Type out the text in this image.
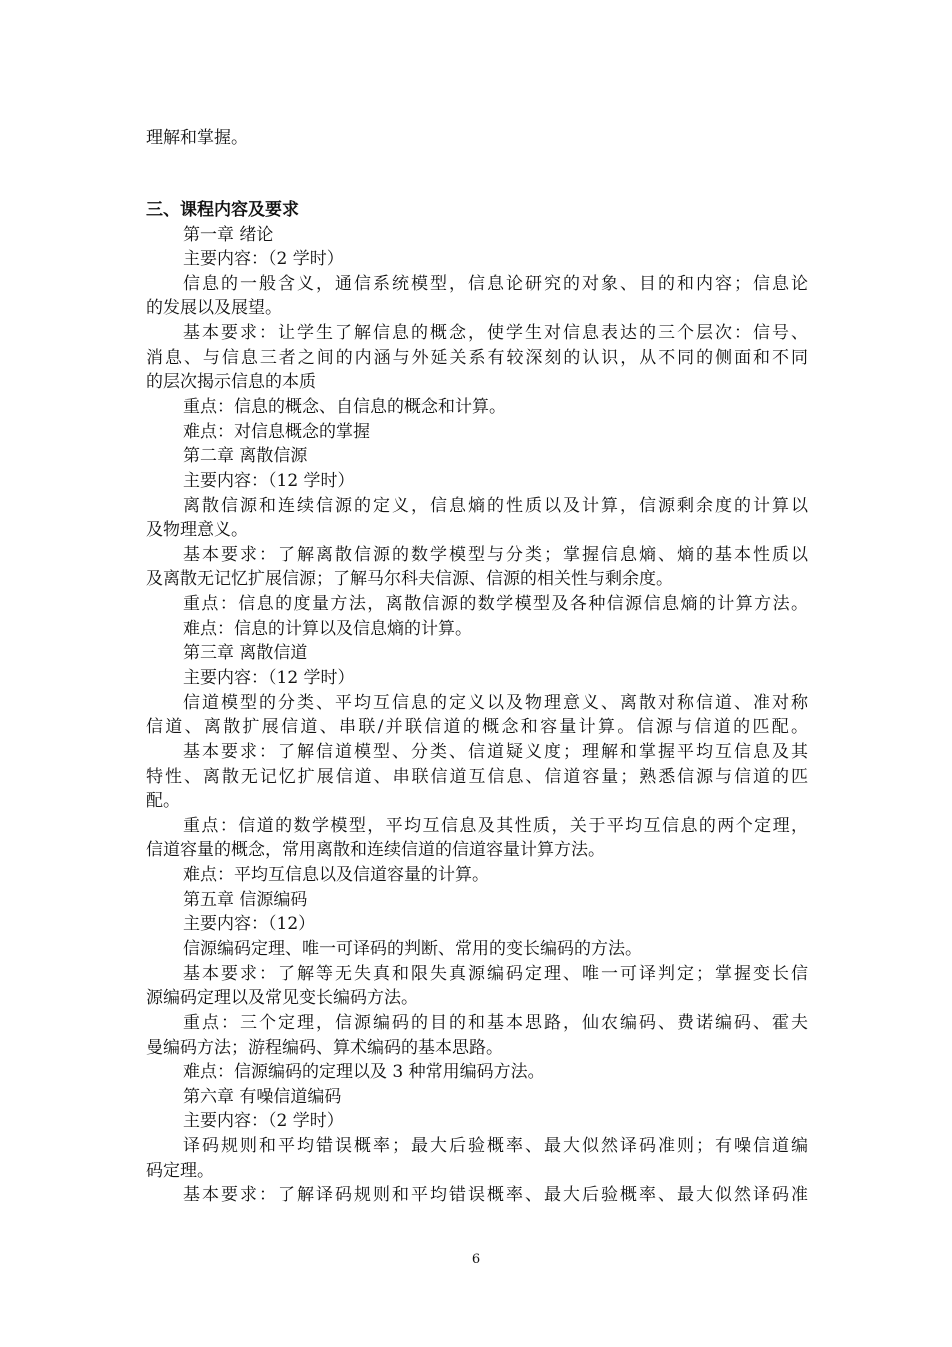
理解和掌握。
三、课程内容及要求
第一章 绪论
主要内容：（2 学时）
信息的一般含义，通信系统模型，信息论研究的对象、目的和内容；信息论
的发展以及展望。
基本要求：让学生了解信息的概念，使学生对信息表达的三个层次：信号、
消息、与信息三者之间的内涵与外延关系有较深刻的认识，从不同的侧面和不同
的层次揭示信息的本质
重点：信息的概念、自信息的概念和计算。
难点：对信息概念的掌握
第二章 离散信源
主要内容：（12 学时）
离散信源和连续信源的定义，信息熵的性质以及计算，信源剩余度的计算以
及物理意义。
基本要求：了解离散信源的数学模型与分类；掌握信息熵、熵的基本性质以
及离散无记忆扩展信源；了解马尔科夫信源、信源的相关性与剩余度。
重点：信息的度量方法，离散信源的数学模型及各种信源信息熵的计算方法。
难点：信息的计算以及信息熵的计算。
第三章 离散信道
主要内容：（12 学时）
信道模型的分类、平均互信息的定义以及物理意义、离散对称信道、准对称
信道、离散扩展信道、串联/并联信道的概念和容量计算。信源与信道的匹配。
基本要求：了解信道模型、分类、信道疑义度；理解和掌握平均互信息及其
特性、离散无记忆扩展信道、串联信道互信息、信道容量；熟悉信源与信道的匹
配。
重点：信道的数学模型，平均互信息及其性质，关于平均互信息的两个定理，
信道容量的概念，常用离散和连续信道的信道容量计算方法。
难点：平均互信息以及信道容量的计算。
第五章 信源编码
主要内容：（12）
信源编码定理、唯一可译码的判断、常用的变长编码的方法。
基本要求：了解等无失真和限失真源编码定理、唯一可译判定；掌握变长信
源编码定理以及常见变长编码方法。
重点：三个定理，信源编码的目的和基本思路，仙农编码、费诺编码、霍夫
曼编码方法；游程编码、算术编码的基本思路。
难点：信源编码的定理以及 3 种常用编码方法。
第六章 有噪信道编码
主要内容：（2 学时）
译码规则和平均错误概率；最大后验概率、最大似然译码准则；有噪信道编
码定理。
基本要求：了解译码规则和平均错误概率、最大后验概率、最大似然译码准
6
